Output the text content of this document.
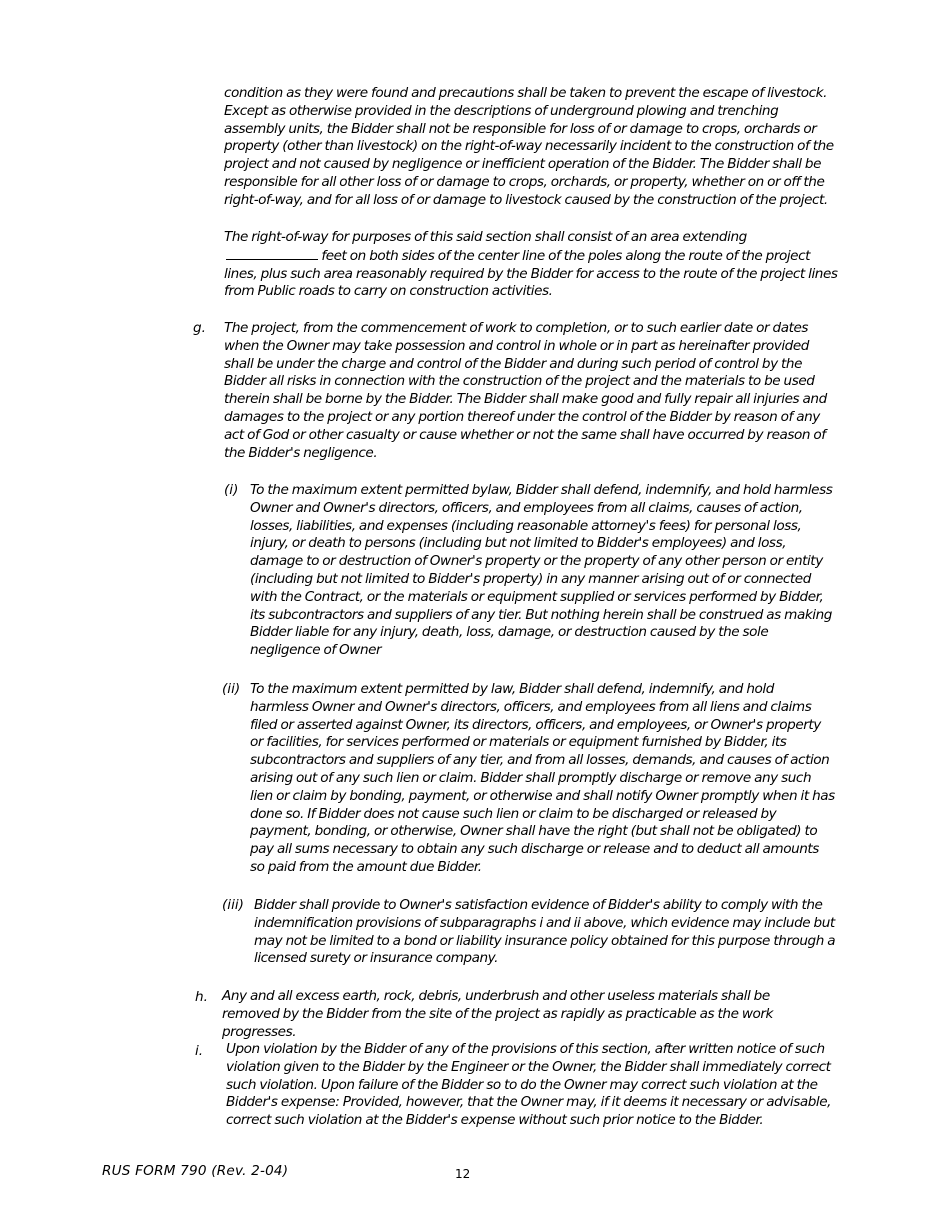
condition as they were found and precautions shall be taken to prevent the escape of livestock. Except as otherwise provided in the descriptions of underground plowing and trenching assembly units, the Bidder shall not be responsible for loss of or damage to crops, orchards or property (other than livestock) on the right-of-way necessarily incident to the construction of the project and not caused by negligence or inefficient operation of the Bidder. The Bidder shall be responsible for all other loss of or damage to crops, orchards, or property, whether on or off the right-of-way, and for all loss of or damage to livestock caused by the construction of the project.

The right-of-way for purposes of this said section shall consist of an area extending feet on both sides of the center line of the poles along the route of the project lines, plus such area reasonably required by the Bidder for access to the route of the project lines from Public roads to carry on construction activities.

g. The project, from the commencement of work to completion, or to such earlier date or dates when the Owner may take possession and control in whole or in part as hereinafter provided shall be under the charge and control of the Bidder and during such period of control by the Bidder all risks in connection with the construction of the project and the materials to be used therein shall be borne by the Bidder. The Bidder shall make good and fully repair all injuries and damages to the project or any portion thereof under the control of the Bidder by reason of any act of God or other casualty or cause whether or not the same shall have occurred by reason of the Bidder's negligence.

(i) To the maximum extent permitted bylaw, Bidder shall defend, indemnify, and hold harmless Owner and Owner's directors, officers, and employees from all claims, causes of action, losses, liabilities, and expenses (including reasonable attorney's fees) for personal loss, injury, or death to persons (including but not limited to Bidder's employees) and loss, damage to or destruction of Owner's property or the property of any other person or entity (including but not limited to Bidder's property) in any manner arising out of or connected with the Contract, or the materials or equipment supplied or services performed by Bidder, its subcontractors and suppliers of any tier. But nothing herein shall be construed as making Bidder liable for any injury, death, loss, damage, or destruction caused by the sole negligence of Owner

(ii) To the maximum extent permitted by law, Bidder shall defend, indemnify, and hold harmless Owner and Owner's directors, officers, and employees from all liens and claims filed or asserted against Owner, its directors, officers, and employees, or Owner's property or facilities, for services performed or materials or equipment furnished by Bidder, its subcontractors and suppliers of any tier, and from all losses, demands, and causes of action arising out of any such lien or claim. Bidder shall promptly discharge or remove any such lien or claim by bonding, payment, or otherwise and shall notify Owner promptly when it has done so. If Bidder does not cause such lien or claim to be discharged or released by payment, bonding, or otherwise, Owner shall have the right (but shall not be obligated) to pay all sums necessary to obtain any such discharge or release and to deduct all amounts so paid from the amount due Bidder.

(iii) Bidder shall provide to Owner's satisfaction evidence of Bidder's ability to comply with the indemnification provisions of subparagraphs i and ii above, which evidence may include but may not be limited to a bond or liability insurance policy obtained for this purpose through a licensed surety or insurance company.

h. Any and all excess earth, rock, debris, underbrush and other useless materials shall be removed by the Bidder from the site of the project as rapidly as practicable as the work progresses.

i. Upon violation by the Bidder of any of the provisions of this section, after written notice of such violation given to the Bidder by the Engineer or the Owner, the Bidder shall immediately correct such violation. Upon failure of the Bidder so to do the Owner may correct such violation at the Bidder's expense: Provided, however, that the Owner may, if it deems it necessary or advisable, correct such violation at the Bidder's expense without such prior notice to the Bidder.

RUS FORM 790 (Rev. 2-04)	12
